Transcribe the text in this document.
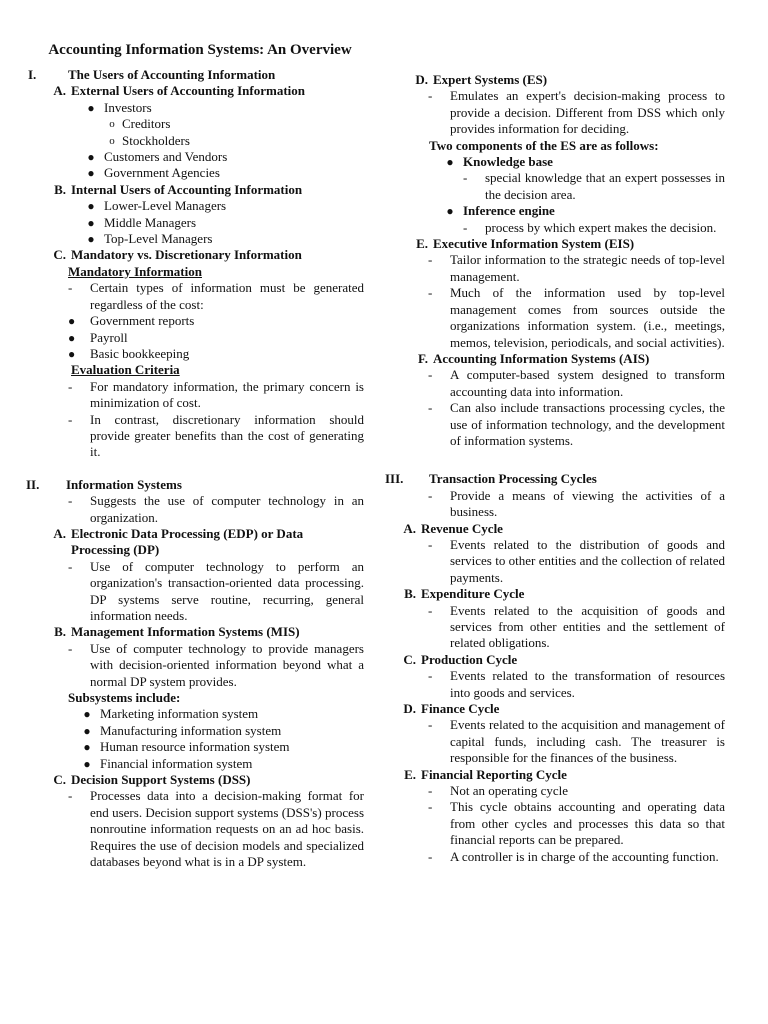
Accounting Information Systems: An Overview
I.	The Users of Accounting Information
A. External Users of Accounting Information
● Investors
o Creditors
o Stockholders
● Customers and Vendors
● Government Agencies
B. Internal Users of Accounting Information
● Lower-Level Managers
● Middle Managers
● Top-Level Managers
C. Mandatory vs. Discretionary Information
Mandatory Information
-	Certain types of information must be generated regardless of the cost:
●	Government reports
●	Payroll
●	Basic bookkeeping
Evaluation Criteria
-	For mandatory information, the primary concern is minimization of cost.
-	In contrast, discretionary information should provide greater benefits than the cost of generating it.
II.	Information Systems
-	Suggests the use of computer technology in an organization.
A. Electronic Data Processing (EDP) or Data Processing (DP)
-	Use of computer technology to perform an organization's transaction-oriented data processing. DP systems serve routine, recurring, general information needs.
B. Management Information Systems (MIS)
-	Use of computer technology to provide managers with decision-oriented information beyond what a normal DP system provides.
Subsystems include:
● Marketing information system
● Manufacturing information system
● Human resource information system
● Financial information system
C. Decision Support Systems (DSS)
-	Processes data into a decision-making format for end users. Decision support systems (DSS's) process nonroutine information requests on an ad hoc basis. Requires the use of decision models and specialized databases beyond what is in a DP system.
D. Expert Systems (ES)
-	Emulates an expert's decision-making process to provide a decision. Different from DSS which only provides information for deciding.
Two components of the ES are as follows:
● Knowledge base
-	special knowledge that an expert possesses in the decision area.
● Inference engine
-	process by which expert makes the decision.
E. Executive Information System (EIS)
-	Tailor information to the strategic needs of top-level management.
-	Much of the information used by top-level management comes from sources outside the organizations information system. (i.e., meetings, memos, television, periodicals, and social activities).
F. Accounting Information Systems (AIS)
-	A computer-based system designed to transform accounting data into information.
-	Can also include transactions processing cycles, the use of information technology, and the development of information systems.
III.	Transaction Processing Cycles
-	Provide a means of viewing the activities of a business.
A. Revenue Cycle
-	Events related to the distribution of goods and services to other entities and the collection of related payments.
B. Expenditure Cycle
-	Events related to the acquisition of goods and services from other entities and the settlement of related obligations.
C. Production Cycle
-	Events related to the transformation of resources into goods and services.
D. Finance Cycle
-	Events related to the acquisition and management of capital funds, including cash. The treasurer is responsible for the finances of the business.
E. Financial Reporting Cycle
-	Not an operating cycle
-	This cycle obtains accounting and operating data from other cycles and processes this data so that financial reports can be prepared.
-	A controller is in charge of the accounting function.
